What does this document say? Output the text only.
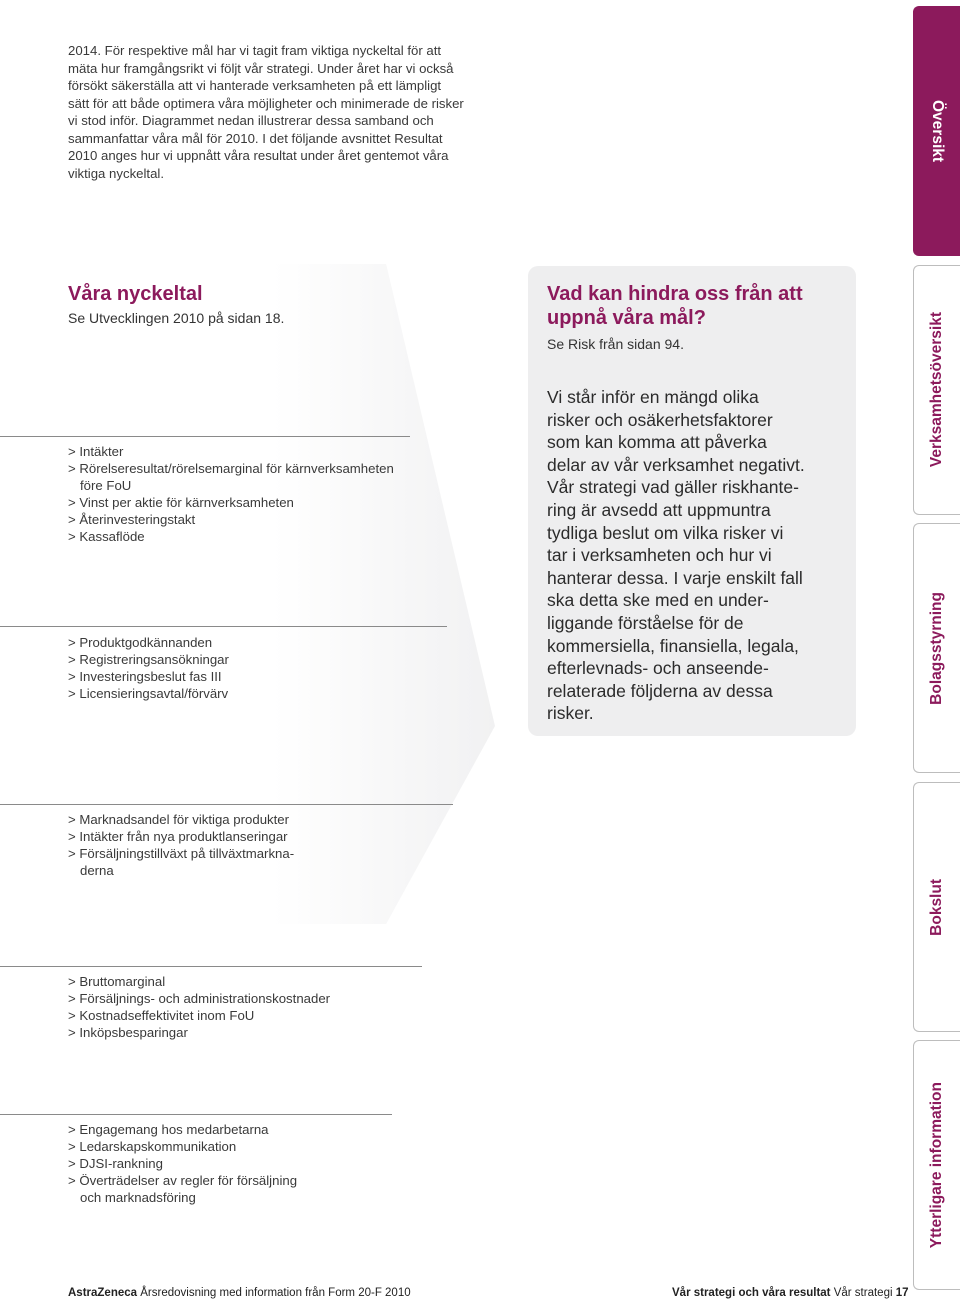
2014. För respektive mål har vi tagit fram viktiga nyckeltal för att

mäta hur framgångsrikt vi följt vår strategi. Under året har vi också

försökt säkerställa att vi hanterade verksamheten på ett lämpligt

sätt för att både optimera våra möjligheter och minimerade de risker

vi stod inför. Diagrammet nedan illustrerar dessa samband och

sammanfattar våra mål för 2010. I det följande avsnittet Resultat

2010 anges hur vi uppnått våra resultat under året gentemot våra

viktiga nyckeltal.

Våra nyckeltal

Se Utvecklingen 2010 på sidan 18.

> Intäkter
> Rörelseresultat/rörelsemarginal för kärnverksamheten
före FoU
> Vinst per aktie för kärnverksamheten
> Återinvesteringstakt
> Kassaflöde
> Produktgodkännanden
> Registreringsansökningar
> Investeringsbeslut fas III
> Licensieringsavtal/förvärv
> Marknadsandel för viktiga produkter
> Intäkter från nya produktlanseringar
> Försäljningstillväxt på tillväxtmarkna-
derna
> Bruttomarginal
> Försäljnings- och administrationskostnader
> Kostnadseffektivitet inom FoU
> Inköpsbesparingar
> Engagemang hos medarbetarna
> Ledarskapskommunikation
> DJSI-rankning
> Överträdelser av regler för försäljning
och marknadsföring
Vad kan hindra oss från att
uppnå våra mål?

Se Risk från sidan 94.

Vi står inför en mängd olika
risker och osäkerhetsfaktorer
som kan komma att påverka
delar av vår verksamhet negativt.
Vår strategi vad gäller riskhante-
ring är avsedd att uppmuntra
tydliga beslut om vilka risker vi
tar i verksamheten och hur vi
hanterar dessa. I varje enskilt fall
ska detta ske med en under-
liggande förståelse för de
kommersiella, finansiella, legala,
efterlevnads- och anseende-
relaterade följderna av dessa
risker.

Översikt
Verksamhetsöversikt
Bolagsstyrning
Bokslut
Ytterligare information
AstraZeneca Årsredovisning med information från Form 20-F 2010	Vår strategi och våra resultat Vår strategi 17
